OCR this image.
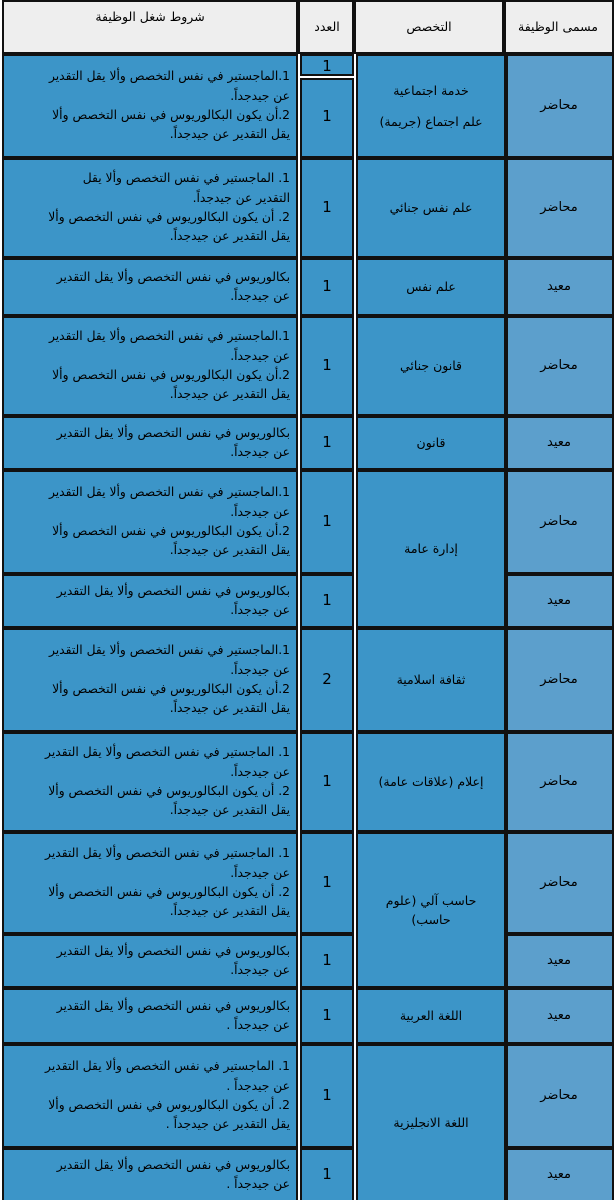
مسمى الوظيفة
التخصص
العدد
شروط شغل الوظيفة
محاضر
1
1
1.الماجستير في نفس التخصص وألا يقل التقدير
عن جيدجداً.
2.أن يكون البكالوريوس في نفس التخصص وألا
يقل التقدير عن جيدجداً.
محاضر
1
1. الماجستير في نفس التخصص وألا يقل
التقدير عن جيدجداً.
2. أن يكون البكالوريوس في نفس التخصص وألا
يقل التقدير عن جيدجداً.
معيد
1
بكالوريوس في نفس التخصص وألا يقل التقدير
عن جيدجداً.
محاضر
1
1.الماجستير في نفس التخصص وألا يقل التقدير
عن جيدجداً.
2.أن يكون البكالوريوس في نفس التخصص وألا
يقل التقدير عن جيدجداً.
معيد
1
بكالوريوس في نفس التخصص وألا يقل التقدير
عن جيدجداً.
محاضر
1
1.الماجستير في نفس التخصص وألا يقل التقدير
عن جيدجداً.
2.أن يكون البكالوريوس في نفس التخصص وألا
يقل التقدير عن جيدجداً.
معيد
1
بكالوريوس في نفس التخصص وألا يقل التقدير
عن جيدجداً.
محاضر
2
1.الماجستير في نفس التخصص وألا يقل التقدير
عن جيدجداً.
2.أن يكون البكالوريوس في نفس التخصص وألا
يقل التقدير عن جيدجداً.
محاضر
1
1. الماجستير في نفس التخصص وألا يقل التقدير
عن جيدجداً.
2. أن يكون البكالوريوس في نفس التخصص وألا
يقل التقدير عن جيدجداً.
محاضر
1
1. الماجستير في نفس التخصص وألا يقل التقدير
عن جيدجداً.
2. أن يكون البكالوريوس في نفس التخصص وألا
يقل التقدير عن جيدجداً.
معيد
1
بكالوريوس في نفس التخصص وألا يقل التقدير
عن جيدجداً.
معيد
1
بكالوريوس في نفس التخصص وألا يقل التقدير
عن جيدجداً .
محاضر
1
1. الماجستير في نفس التخصص وألا يقل التقدير
عن جيدجداً .
2. أن يكون البكالوريوس في نفس التخصص وألا
يقل التقدير عن جيدجداً .
معيد
1
بكالوريوس في نفس التخصص وألا يقل التقدير
عن جيدجداً .
خدمة اجتماعية
علم اجتماع (جريمة)
علم نفس جنائي
علم نفس
قانون جنائي
قانون
إدارة عامة
ثقافة اسلامية
إعلام (علاقات عامة)
حاسب آلي (علوم
حاسب)
اللغة العربية
اللغة الانجليزية
